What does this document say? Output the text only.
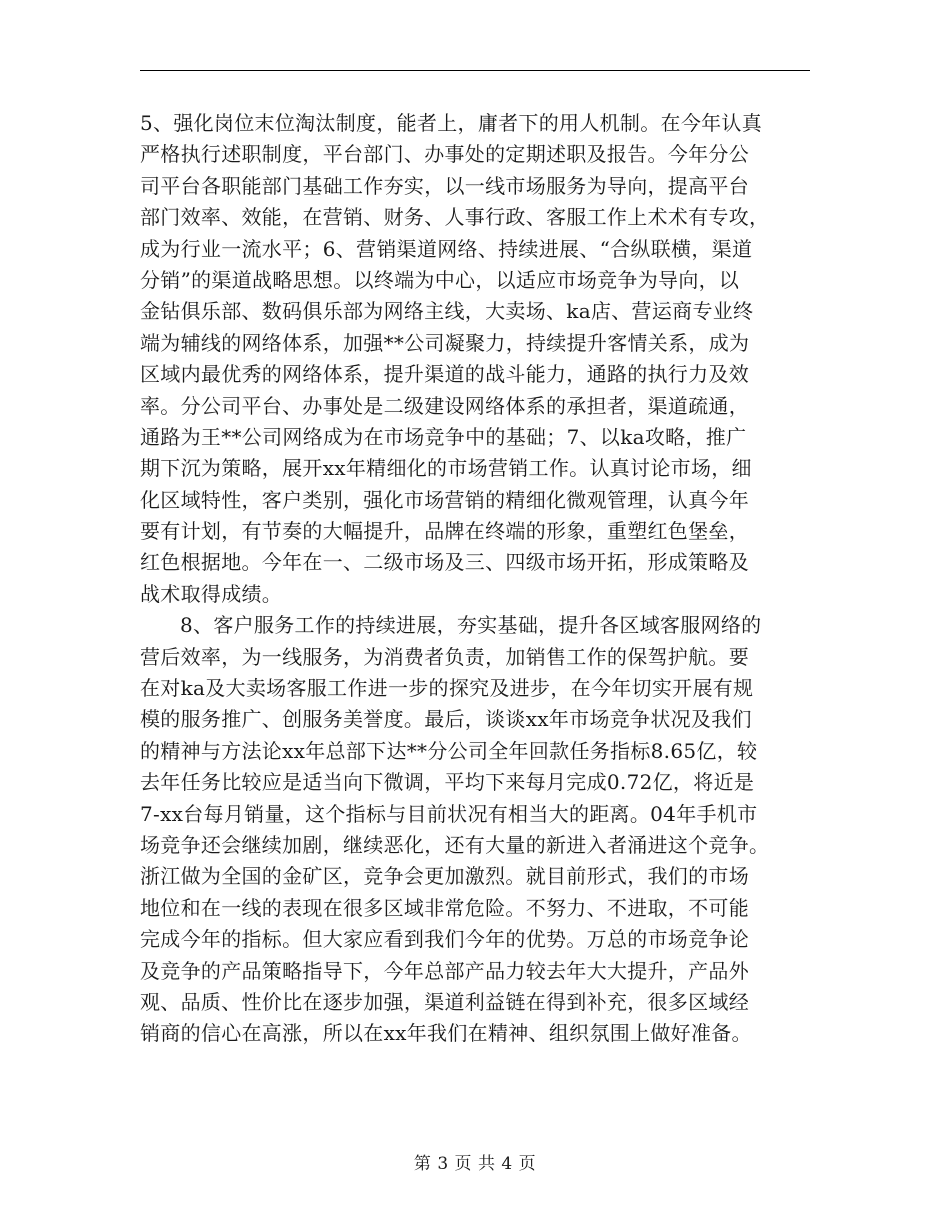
5、强化岗位末位淘汰制度，能者上，庸者下的用人机制。在今年认真
严格执行述职制度，平台部门、办事处的定期述职及报告。今年分公
司平台各职能部门基础工作夯实，以一线市场服务为导向，提高平台
部门效率、效能，在营销、财务、人事行政、客服工作上术术有专攻，
成为行业一流水平；6、营销渠道网络、持续进展、“合纵联横，渠道
分销”的渠道战略思想。以终端为中心，以适应市场竞争为导向，以
金钻俱乐部、数码俱乐部为网络主线，大卖场、ka店、营运商专业终
端为辅线的网络体系，加强**公司凝聚力，持续提升客情关系，成为
区域内最优秀的网络体系，提升渠道的战斗能力，通路的执行力及效
率。分公司平台、办事处是二级建设网络体系的承担者，渠道疏通，
通路为王**公司网络成为在市场竞争中的基础；7、以ka攻略，推广
期下沉为策略，展开xx年精细化的市场营销工作。认真讨论市场，细
化区域特性，客户类别，强化市场营销的精细化微观管理，认真今年
要有计划，有节奏的大幅提升，品牌在终端的形象，重塑红色堡垒，
红色根据地。今年在一、二级市场及三、四级市场开拓，形成策略及
战术取得成绩。
8、客户服务工作的持续进展，夯实基础，提升各区域客服网络的
营后效率，为一线服务，为消费者负责，加销售工作的保驾护航。要
在对ka及大卖场客服工作进一步的探究及进步，在今年切实开展有规
模的服务推广、创服务美誉度。最后，谈谈xx年市场竞争状况及我们
的精神与方法论xx年总部下达**分公司全年回款任务指标8.65亿，较
去年任务比较应是适当向下微调，平均下来每月完成0.72亿，将近是
7-xx台每月销量，这个指标与目前状况有相当大的距离。04年手机市
场竞争还会继续加剧，继续恶化，还有大量的新进入者涌进这个竞争。
浙江做为全国的金矿区，竞争会更加激烈。就目前形式，我们的市场
地位和在一线的表现在很多区域非常危险。不努力、不进取，不可能
完成今年的指标。但大家应看到我们今年的优势。万总的市场竞争论
及竞争的产品策略指导下，今年总部产品力较去年大大提升，产品外
观、品质、性价比在逐步加强，渠道利益链在得到补充，很多区域经
销商的信心在高涨，所以在xx年我们在精神、组织氛围上做好准备。
第 3 页 共 4 页
